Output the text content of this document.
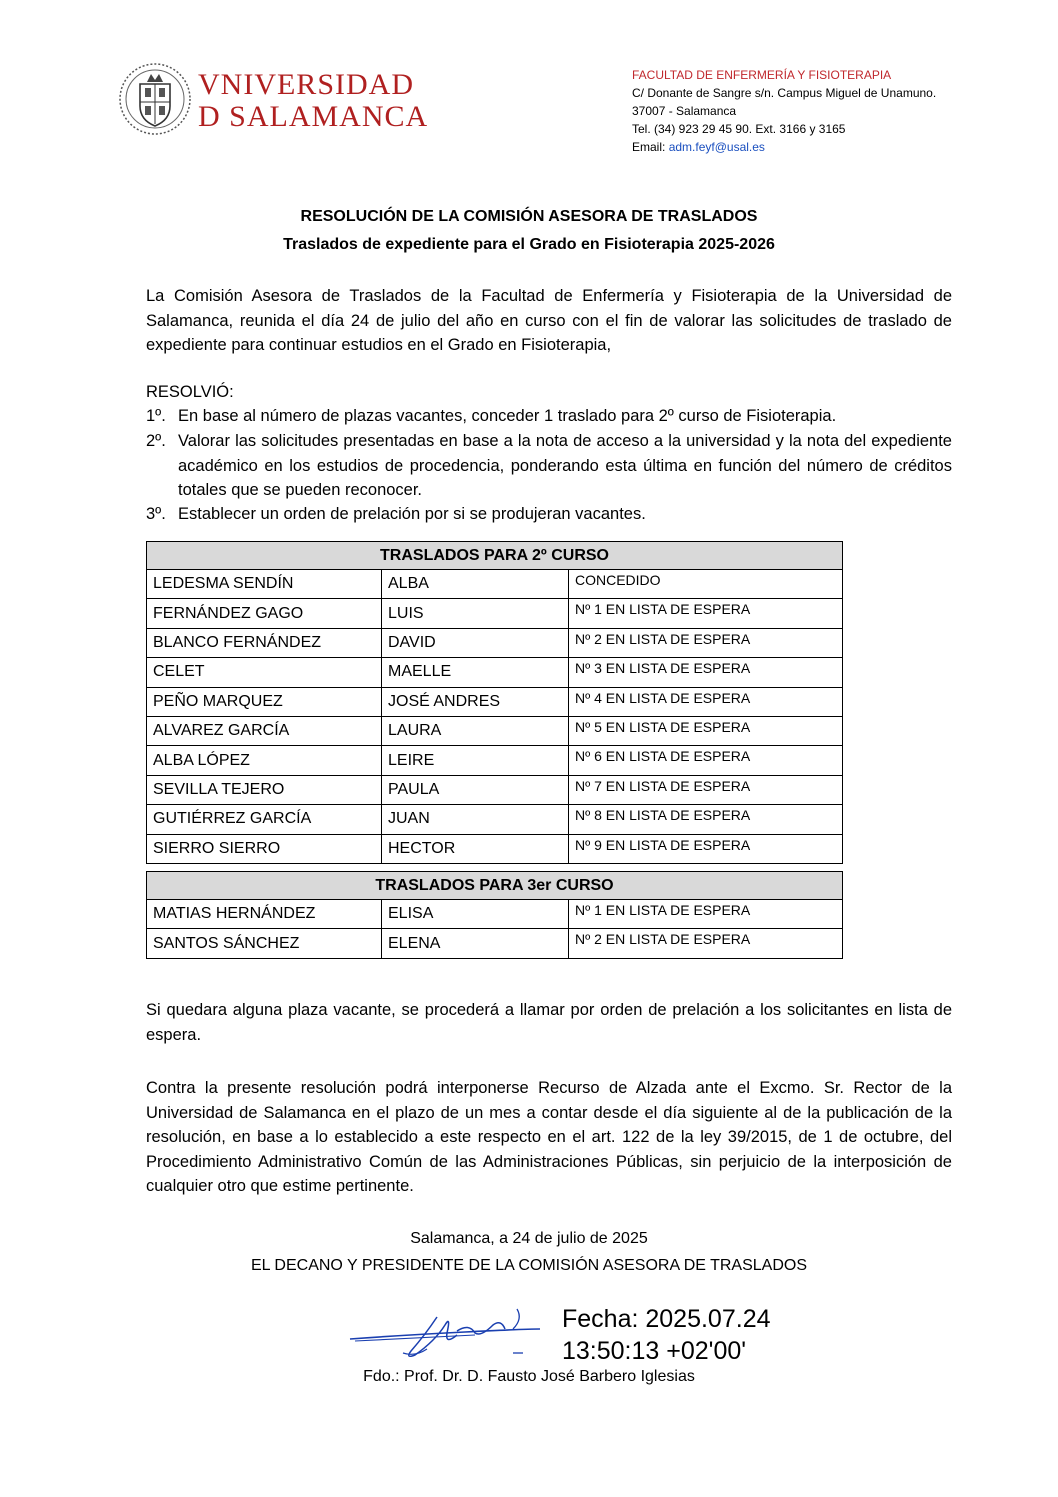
VNIVERSIDAD
D SALAMANCA
FACULTAD DE ENFERMERÍA Y FISIOTERAPIA
C/ Donante de Sangre s/n. Campus Miguel de Unamuno.
37007 - Salamanca
Tel. (34) 923 29 45 90. Ext. 3166 y 3165
Email: adm.feyf@usal.es
RESOLUCIÓN DE LA COMISIÓN ASESORA DE TRASLADOS
Traslados de expediente para el Grado en Fisioterapia 2025-2026
La Comisión Asesora de Traslados de la Facultad de Enfermería y Fisioterapia de la Universidad de Salamanca, reunida el día 24 de julio del año en curso con el fin de valorar las solicitudes de traslado de expediente para continuar estudios en el Grado en Fisioterapia,
RESOLVIÓ:
1º. En base al número de plazas vacantes, conceder 1 traslado para 2º curso de Fisioterapia.
2º. Valorar las solicitudes presentadas en base a la nota de acceso a la universidad y la nota del expediente académico en los estudios de procedencia, ponderando esta última en función del número de créditos totales que se pueden reconocer.
3º. Establecer un orden de prelación por si se produjeran vacantes.
TRASLADOS PARA 2º CURSO		
LEDESMA SENDÍN	ALBA	CONCEDIDO
FERNÁNDEZ GAGO	LUIS	Nº 1 EN LISTA DE ESPERA
BLANCO FERNÁNDEZ	DAVID	Nº 2 EN LISTA DE ESPERA
CELET	MAELLE	Nº 3 EN LISTA DE ESPERA
PEÑO MARQUEZ	JOSÉ ANDRES	Nº 4 EN LISTA DE ESPERA
ALVAREZ GARCÍA	LAURA	Nº 5 EN LISTA DE ESPERA
ALBA LÓPEZ	LEIRE	Nº 6 EN LISTA DE ESPERA
SEVILLA TEJERO	PAULA	Nº 7 EN LISTA DE ESPERA
GUTIÉRREZ GARCÍA	JUAN	Nº 8 EN LISTA DE ESPERA
SIERRO SIERRO	HECTOR	Nº 9 EN LISTA DE ESPERA
TRASLADOS PARA 3er CURSO		
MATIAS HERNÁNDEZ	ELISA	Nº 1 EN LISTA DE ESPERA
SANTOS SÁNCHEZ	ELENA	Nº 2 EN LISTA DE ESPERA
Si quedara alguna plaza vacante, se procederá a llamar por orden de prelación a los solicitantes en lista de espera.
Contra la presente resolución podrá interponerse Recurso de Alzada ante el Excmo. Sr. Rector de la Universidad de Salamanca en el plazo de un mes a contar desde el día siguiente al de la publicación de la resolución, en base a lo establecido a este respecto en el art. 122 de la ley 39/2015, de 1 de octubre, del Procedimiento Administrativo Común de las Administraciones Públicas, sin perjuicio de la interposición de cualquier otro que estime pertinente.
Salamanca, a 24 de julio de 2025
EL DECANO Y PRESIDENTE DE LA COMISIÓN ASESORA DE TRASLADOS
Fecha: 2025.07.24
13:50:13 +02'00'
Fdo.: Prof. Dr. D. Fausto José Barbero Iglesias
